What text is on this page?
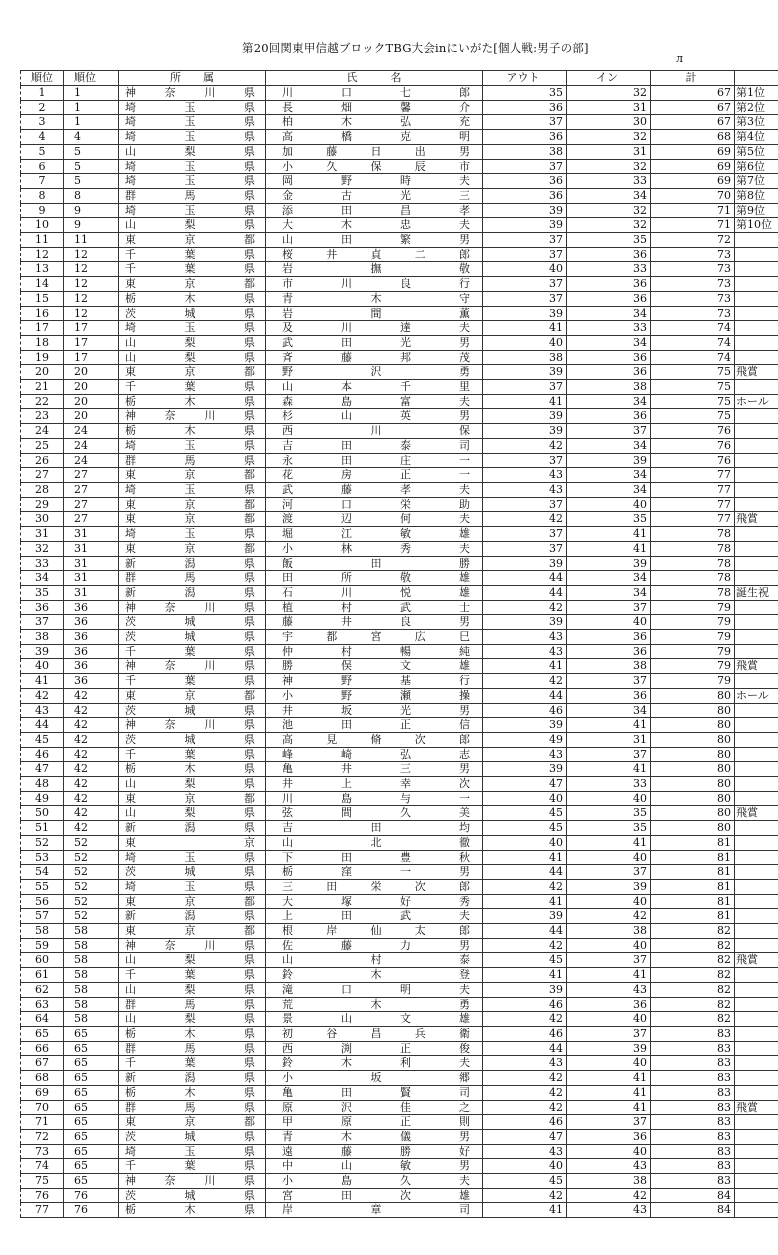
第20回関東甲信越ブロックTBG大会inにいがた[個人戦:男子の部]
л
順位	順位	所　　属	氏　　　名	アウト	イン	計	
1	1	神 奈 川 県	川 口 七 郎	35	32	67	第1位
2	1	埼 玉 県	長 畑 馨 介	36	31	67	第2位
3	1	埼 玉 県	柏 木 弘 充	37	30	67	第3位
4	4	埼 玉 県	高 橋 克 明	36	32	68	第4位
5	5	山 梨 県	加 藤 日 出 男	38	31	69	第5位
6	5	埼 玉 県	小 久 保 辰 市	37	32	69	第6位
7	5	埼 玉 県	岡 野 時 夫	36	33	69	第7位
8	8	群 馬 県	金 古 光 三	36	34	70	第8位
9	9	埼 玉 県	添 田 昌 孝	39	32	71	第9位
10	9	山 梨 県	大 木 忠 夫	39	32	71	第10位
11	11	東 京 都	山 田 繁 男	37	35	72	
12	12	千 葉 県	桜 井 貞 二 郎	37	36	73	
13	12	千 葉 県	岩 撫 敬	40	33	73	
14	12	東 京 都	市 川 良 行	37	36	73	
15	12	栃 木 県	青 木 守	37	36	73	
16	12	茨 城 県	岩 間 薫	39	34	73	
17	17	埼 玉 県	及 川 達 夫	41	33	74	
18	17	山 梨 県	武 田 光 男	40	34	74	
19	17	山 梨 県	斉 藤 邦 茂	38	36	74	
20	20	東 京 都	野 沢 勇	39	36	75	飛賞
21	20	千 葉 県	山 本 千 里	37	38	75	
22	20	栃 木 県	森 島 富 夫	41	34	75	ホール
23	20	神 奈 川 県	杉 山 英 男	39	36	75	
24	24	栃 木 県	西 川 保	39	37	76	
25	24	埼 玉 県	吉 田 泰 司	42	34	76	
26	24	群 馬 県	永 田 庄 一	37	39	76	
27	27	東 京 都	花 房 正 一	43	34	77	
28	27	埼 玉 県	武 藤 孝 夫	43	34	77	
29	27	東 京 都	河 口 栄 助	37	40	77	
30	27	東 京 都	渡 辺 何 夫	42	35	77	飛賞
31	31	埼 玉 県	堀 江 敏 雄	37	41	78	
32	31	東 京 都	小 林 秀 夫	37	41	78	
33	31	新 潟 県	飯 田 勝	39	39	78	
34	31	群 馬 県	田 所 敬 雄	44	34	78	
35	31	新 潟 県	石 川 悦 雄	44	34	78	誕生祝
36	36	神 奈 川 県	植 村 武 士	42	37	79	
37	36	茨 城 県	藤 井 良 男	39	40	79	
38	36	茨 城 県	宇 都 宮 広 巳	43	36	79	
39	36	千 葉 県	仲 村 暢 純	43	36	79	
40	36	神 奈 川 県	勝 俣 文 雄	41	38	79	飛賞
41	36	千 葉 県	神 野 基 行	42	37	79	
42	42	東 京 都	小 野 瀬 操	44	36	80	ホール
43	42	茨 城 県	井 坂 光 男	46	34	80	
44	42	神 奈 川 県	池 田 正 信	39	41	80	
45	42	茨 城 県	高 見 脩 次 郎	49	31	80	
46	42	千 葉 県	峰 崎 弘 志	43	37	80	
47	42	栃 木 県	亀 井 三 男	39	41	80	
48	42	山 梨 県	井 上 幸 次	47	33	80	
49	42	東 京 都	川 島 与 一	40	40	80	
50	42	山 梨 県	弦 間 久 美	45	35	80	飛賞
51	42	新 潟 県	吉 田 均	45	35	80	
52	52	東 京	山 北 徹	40	41	81	
53	52	埼 玉 県	下 田 豊 秋	41	40	81	
54	52	茨 城 県	栃 窪 一 男	44	37	81	
55	52	埼 玉 県	三 田 栄 次 郎	42	39	81	
56	52	東 京 都	大 塚 好 秀	41	40	81	
57	52	新 潟 県	上 田 武 夫	39	42	81	
58	58	東 京 都	根 岸 仙 太 郎	44	38	82	
59	58	神 奈 川 県	佐 藤 力 男	42	40	82	
60	58	山 梨 県	山 村 泰	45	37	82	飛賞
61	58	千 葉 県	鈴 木 登	41	41	82	
62	58	山 梨 県	滝 口 明 夫	39	43	82	
63	58	群 馬 県	荒 木 勇	46	36	82	
64	58	山 梨 県	景 山 文 雄	42	40	82	
65	65	栃 木 県	初 谷 昌 兵 衛	46	37	83	
66	65	群 馬 県	西 渕 正 俊	44	39	83	
67	65	千 葉 県	鈴 木 利 夫	43	40	83	
68	65	新 潟 県	小 坂 郷	42	41	83	
69	65	栃 木 県	亀 田 賢 司	42	41	83	
70	65	群 馬 県	原 沢 佳 之	42	41	83	飛賞
71	65	東 京 都	甲 原 正 則	46	37	83	
72	65	茨 城 県	青 木 儀 男	47	36	83	
73	65	埼 玉 県	遠 藤 勝 好	43	40	83	
74	65	千 葉 県	中 山 敏 男	40	43	83	
75	65	神 奈 川 県	小 島 久 夫	45	38	83	
76	76	茨 城 県	宮 田 次 雄	42	42	84	
77	76	栃 木 県	岸 章 司	41	43	84	
